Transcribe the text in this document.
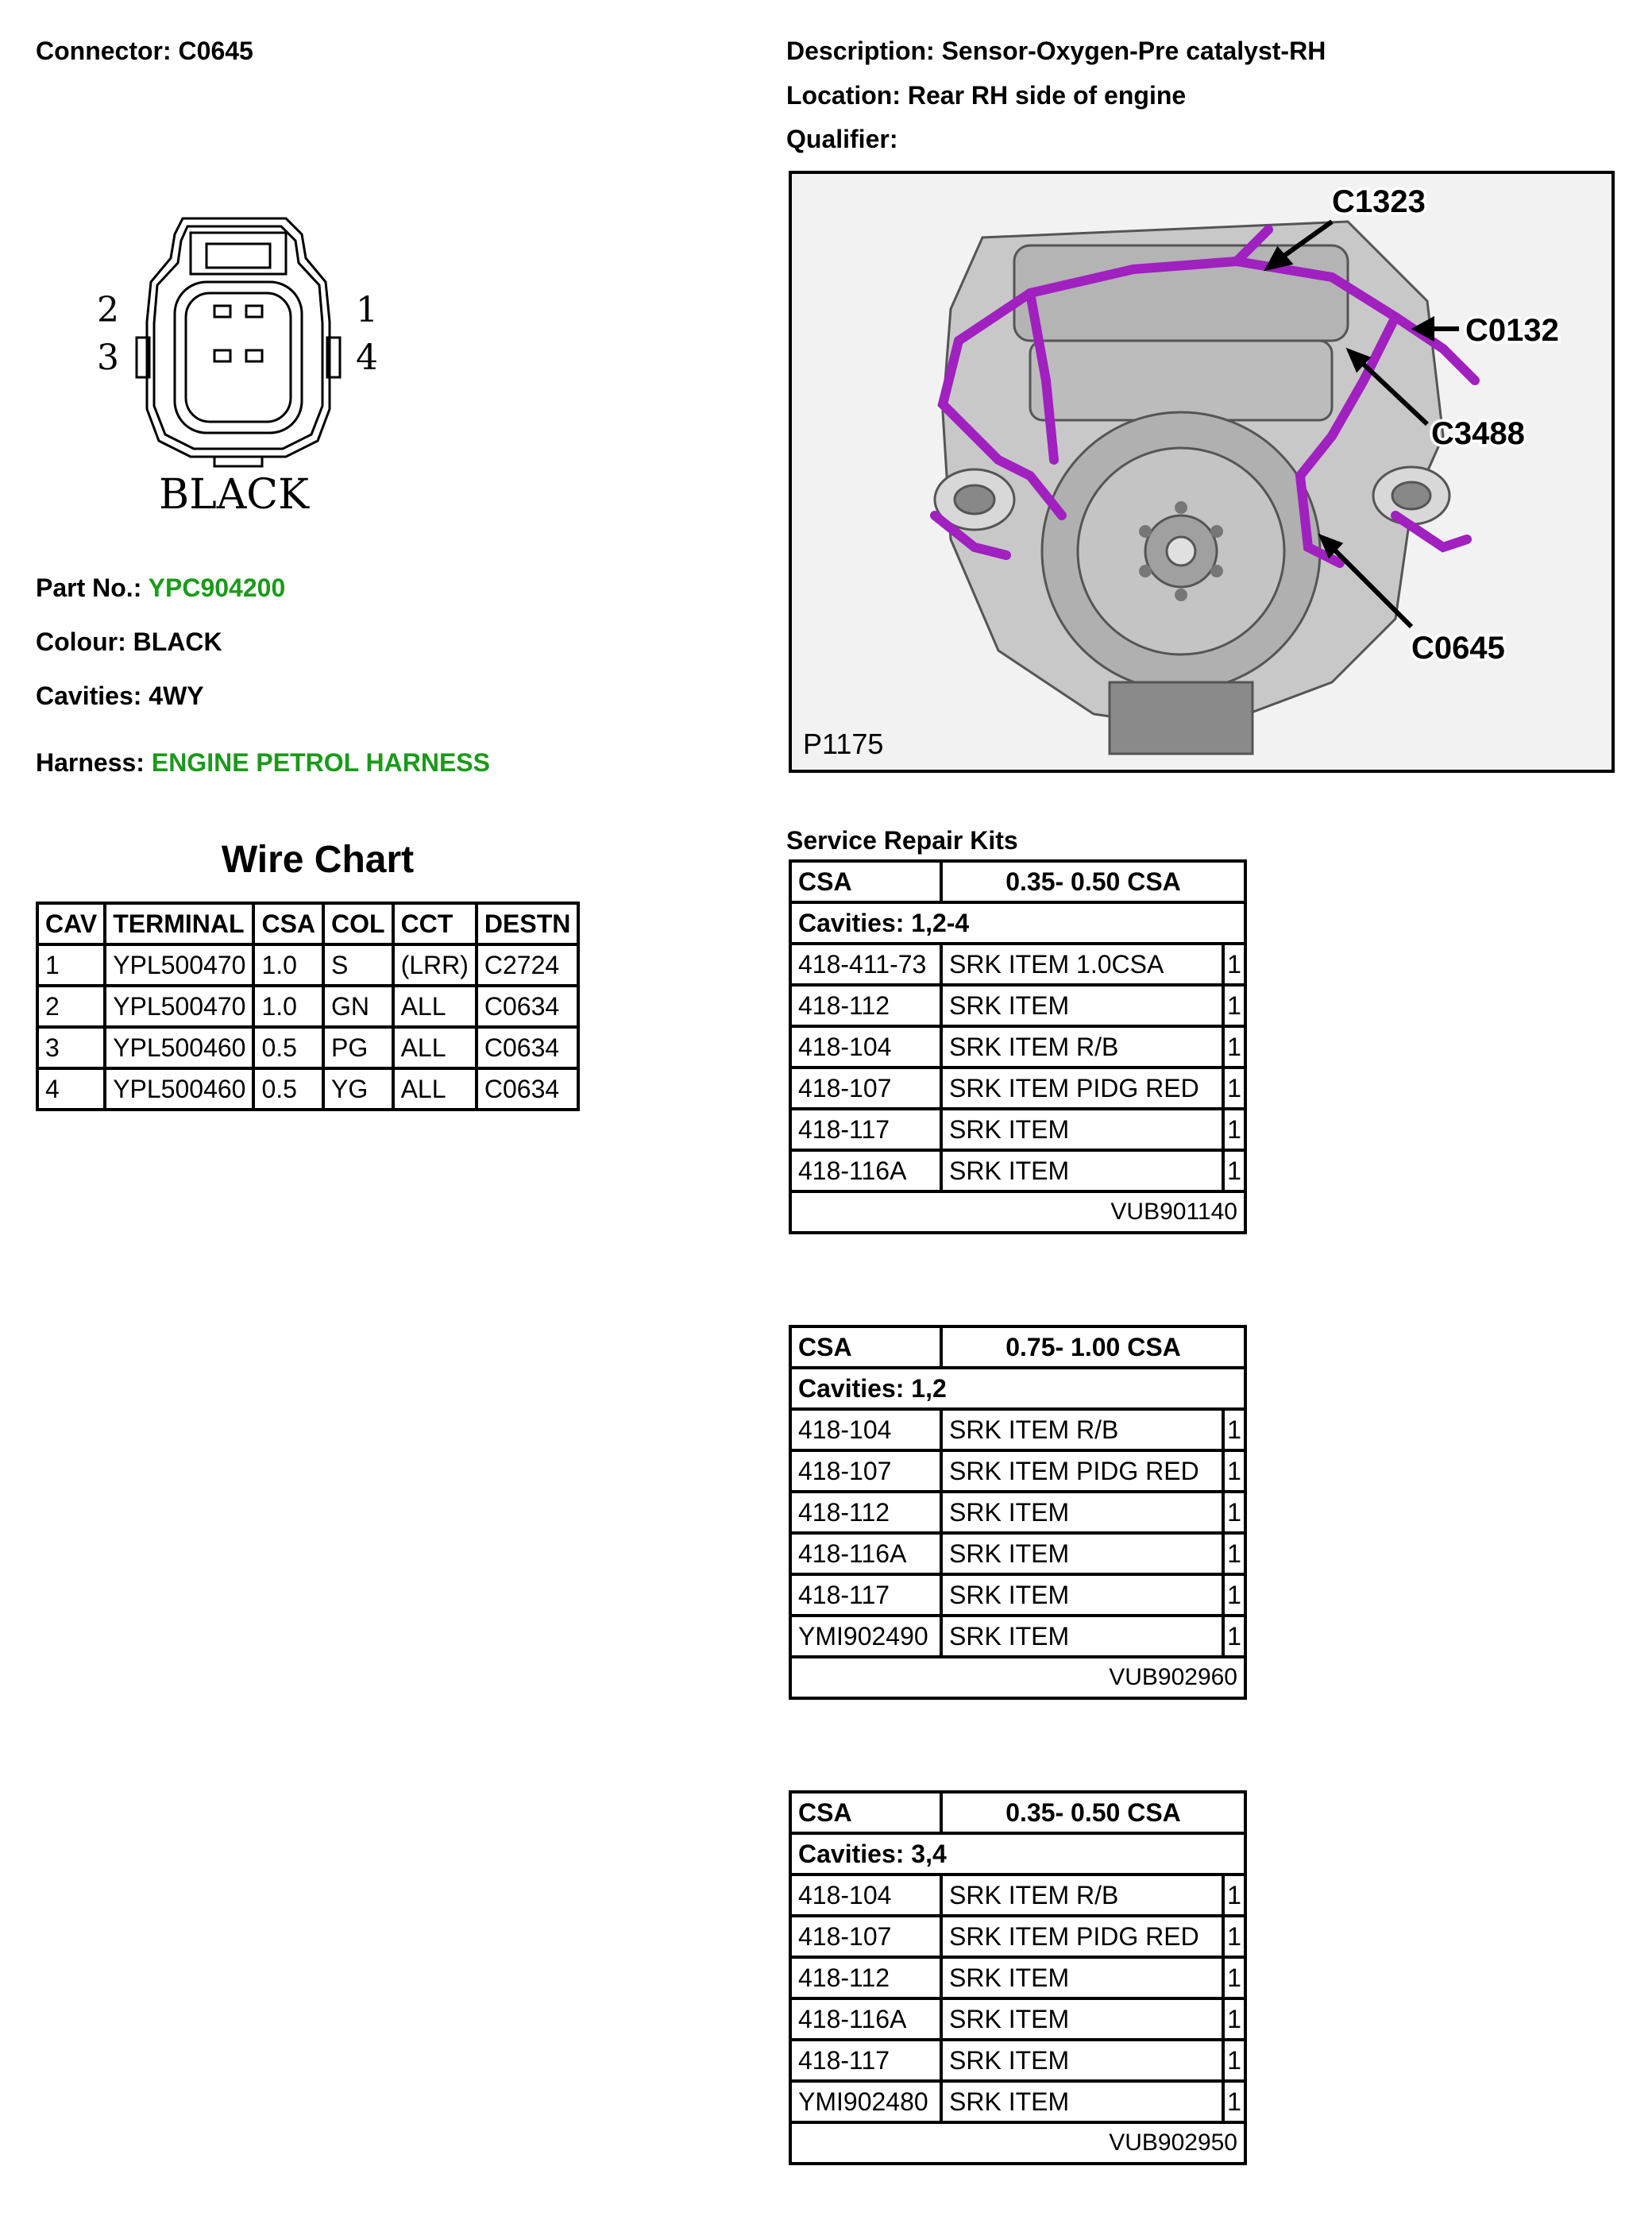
Connector: C0645	Description: Sensor-Oxygen-Pre catalyst-RH
Location: Rear RH side of engine
Qualifier:
2	1
3	4
BLACK
Part No.: YPC904200
Colour: BLACK
Cavities: 4WY
Harness: ENGINE PETROL HARNESS
Wire Chart
CAV	TERMINAL	CSA	COL	CCT	DESTN
1	YPL500470	1.0	S	(LRR)	C2724
2	YPL500470	1.0	GN	ALL	C0634
3	YPL500460	0.5	PG	ALL	C0634
4	YPL500460	0.5	YG	ALL	C0634
C1323
C0132
C3488
C0645
P1175
Service Repair Kits
CSA	0.35- 0.50 CSA	
Cavities: 1,2-4		
418-411-73	SRK ITEM 1.0CSA	1
418-112	SRK ITEM	1
418-104	SRK ITEM R/B	1
418-107	SRK ITEM PIDG RED	1
418-117	SRK ITEM	1
418-116A	SRK ITEM	1
VUB901140		
CSA	0.75- 1.00 CSA	
Cavities: 1,2		
418-104	SRK ITEM R/B	1
418-107	SRK ITEM PIDG RED	1
418-112	SRK ITEM	1
418-116A	SRK ITEM	1
418-117	SRK ITEM	1
YMI902490	SRK ITEM	1
VUB902960		
CSA	0.35- 0.50 CSA	
Cavities: 3,4		
418-104	SRK ITEM R/B	1
418-107	SRK ITEM PIDG RED	1
418-112	SRK ITEM	1
418-116A	SRK ITEM	1
418-117	SRK ITEM	1
YMI902480	SRK ITEM	1
VUB902950		
